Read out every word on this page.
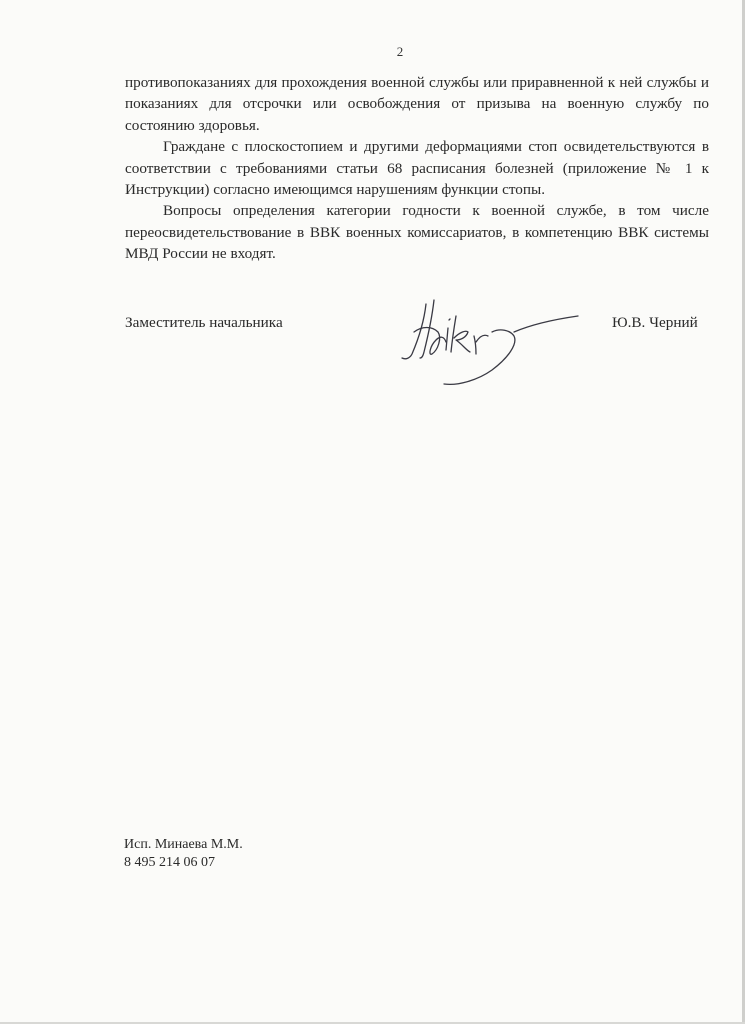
2

противопоказаниях для прохождения военной службы или приравненной к ней службы и показаниях для отсрочки или освобождения от призыва на военную службу по состоянию здоровья.

Граждане с плоскостопием и другими деформациями стоп освидетельствуются в соответствии с требованиями статьи 68 расписания болезней (приложение № 1 к Инструкции) согласно имеющимся нарушениям функции стопы.

Вопросы определения категории годности к военной службе, в том числе переосвидетельствование в ВВК военных комиссариатов, в компетенцию ВВК системы МВД России не входят.

Заместитель начальника	Ю.В. Черний
Исп. Минаева М.М.
8 495 214 06 07
